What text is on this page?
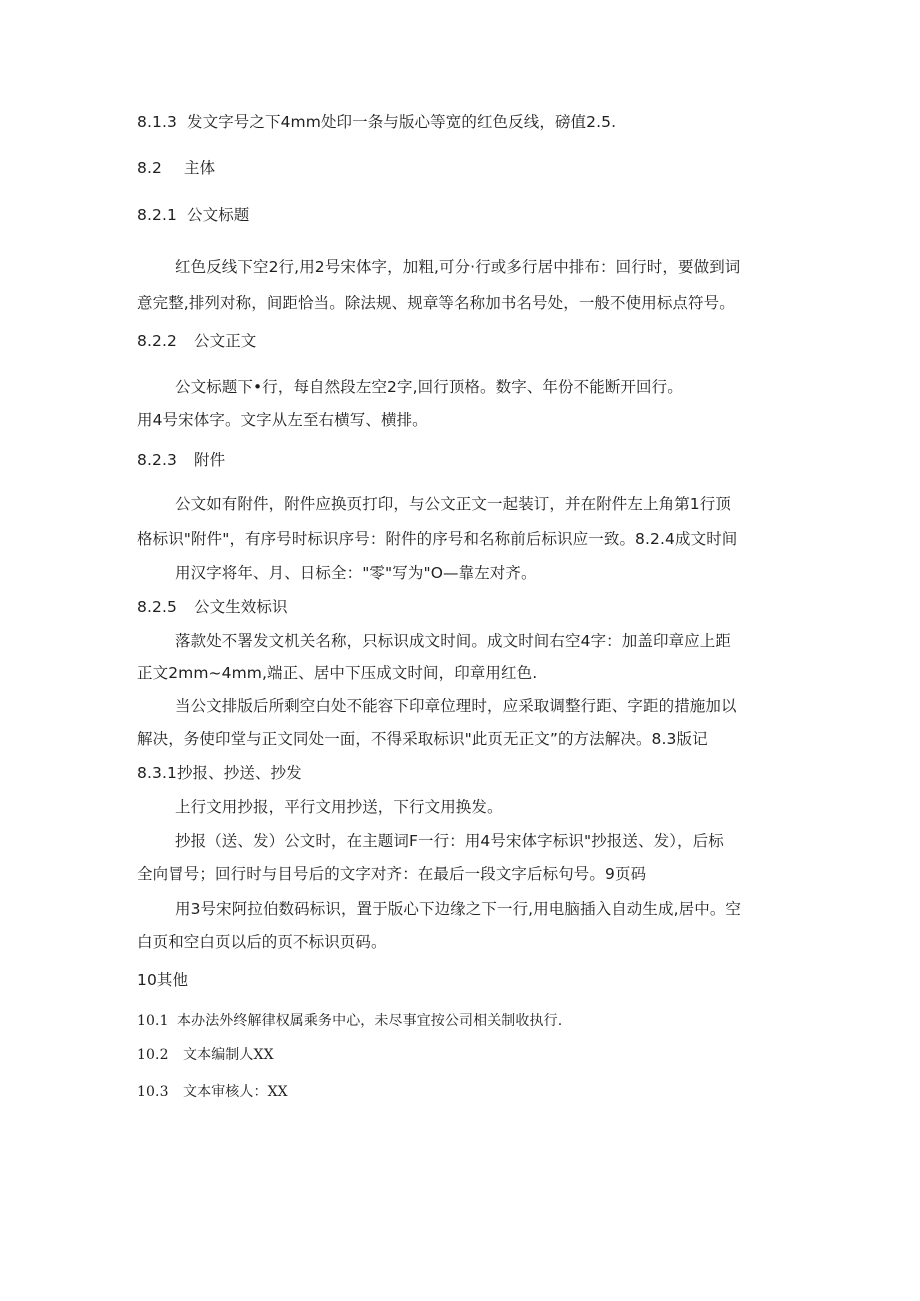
8.1.3 发文字号之下4mm处印一条与版心等宽的红色反线，磅值2.5.
8.2 主体
8.2.1 公文标题
红色反线下空2行,用2号宋体字，加粗,可分·行或多行居中排布：回行时，要做到词
意完整,排列对称，间距恰当。除法规、规章等名称加书名号处，一般不使用标点符号。
8.2.2 公文正文
公文标题下•行，每自然段左空2字,回行顶格。数字、年份不能断开回行。
用4号宋体字。文字从左至右横写、横排。
8.2.3 附件
公文如有附件，附件应换页打印，与公文正文一起装订，并在附件左上角第1行顶
格标识"附件"，有序号时标识序号：附件的序号和名称前后标识应一致。8.2.4成文时间
用汉字将年、月、日标全："零"写为"O—靠左对齐。
8.2.5 公文生效标识
落款处不署发文机关名称，只标识成文时间。成文时间右空4字：加盖印章应上距
正文2mm~4mm,端正、居中下压成文时间，印章用红色.
当公文排版后所剩空白处不能容下印章位理时，应采取调整行距、字距的措施加以
解决，务使印堂与正文同处一面，不得采取标识"此页无正文”的方法解决。8.3版记
8.3.1抄报、抄送、抄发
上行文用抄报，平行文用抄送，下行文用换发。
抄报（送、发）公文时，在主题词F一行：用4号宋体字标识"抄报送、发），后标
全向冒号；回行时与目号后的文字对齐：在最后一段文字后标句号。9页码
用3号宋阿拉伯数码标识，置于版心下边缘之下一行,用电脑插入自动生成,居中。空
白页和空白页以后的页不标识页码。
10其他
10.1 本办法外终解律权属乘务中心，未尽事宜按公司相关制收执行.
10.2 文本编制人XX
10.3 文本审核人：XX
